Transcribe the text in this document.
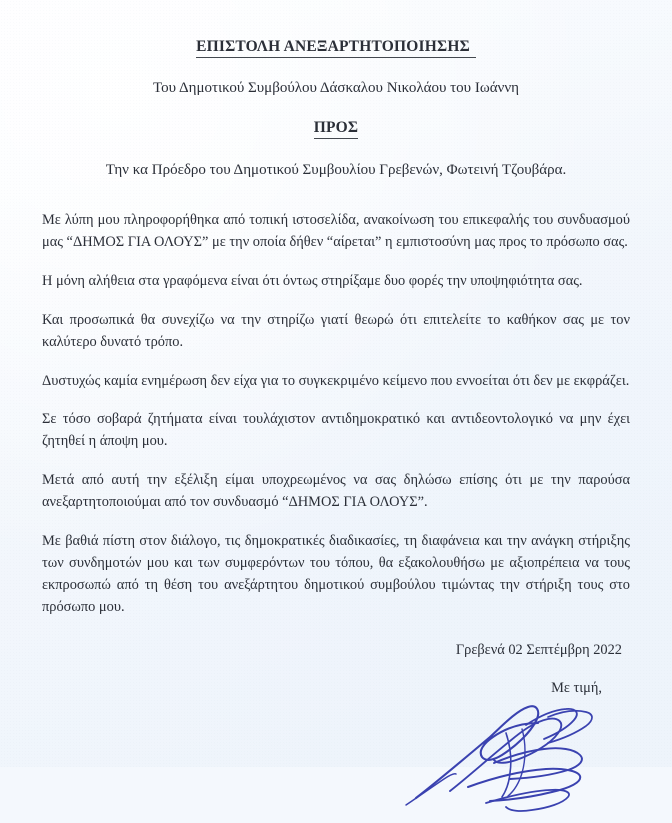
ΕΠΙΣΤΟΛΗ ΑΝΕΞΑΡΤΗΤΟΠΟΙΗΣΗΣ

Του Δημοτικού Συμβούλου Δάσκαλου Νικολάου του Ιωάννη

ΠΡΟΣ

Την κα Πρόεδρο του Δημοτικού Συμβουλίου Γρεβενών, Φωτεινή Τζουβάρα.

Με λύπη μου πληροφορήθηκα από τοπική ιστοσελίδα, ανακοίνωση του επικεφαλής του συνδυασμού μας “ΔΗΜΟΣ ΓΙΑ ΟΛΟΥΣ” με την οποία δήθεν “αίρεται” η εμπιστοσύνη μας προς το πρόσωπο σας.

Η μόνη αλήθεια στα γραφόμενα είναι ότι όντως στηρίξαμε δυο φορές την υποψηφιότητα σας.

Και προσωπικά θα συνεχίζω να την στηρίζω γιατί θεωρώ ότι επιτελείτε το καθήκον σας με τον καλύτερο δυνατό τρόπο.

Δυστυχώς καμία ενημέρωση δεν είχα για το συγκεκριμένο κείμενο που εννοείται ότι δεν με εκφράζει.

Σε τόσο σοβαρά ζητήματα είναι τουλάχιστον αντιδημοκρατικό και αντιδεοντολογικό να μην έχει ζητηθεί η άποψη μου.

Μετά από αυτή την εξέλιξη είμαι υποχρεωμένος να σας δηλώσω επίσης ότι με την παρούσα ανεξαρτητοποιούμαι από τον συνδυασμό “ΔΗΜΟΣ ΓΙΑ ΟΛΟΥΣ”.

Με βαθιά πίστη στον διάλογο, τις δημοκρατικές διαδικασίες, τη διαφάνεια και την ανάγκη στήριξης των συνδημοτών μου και των συμφερόντων του τόπου, θα εξακολουθήσω με αξιοπρέπεια να τους εκπροσωπώ από τη θέση του ανεξάρτητου δημοτικού συμβούλου τιμώντας την στήριξη τους στο πρόσωπο μου.

Γρεβενά 02 Σεπτέμβρη 2022

Με τιμή,
